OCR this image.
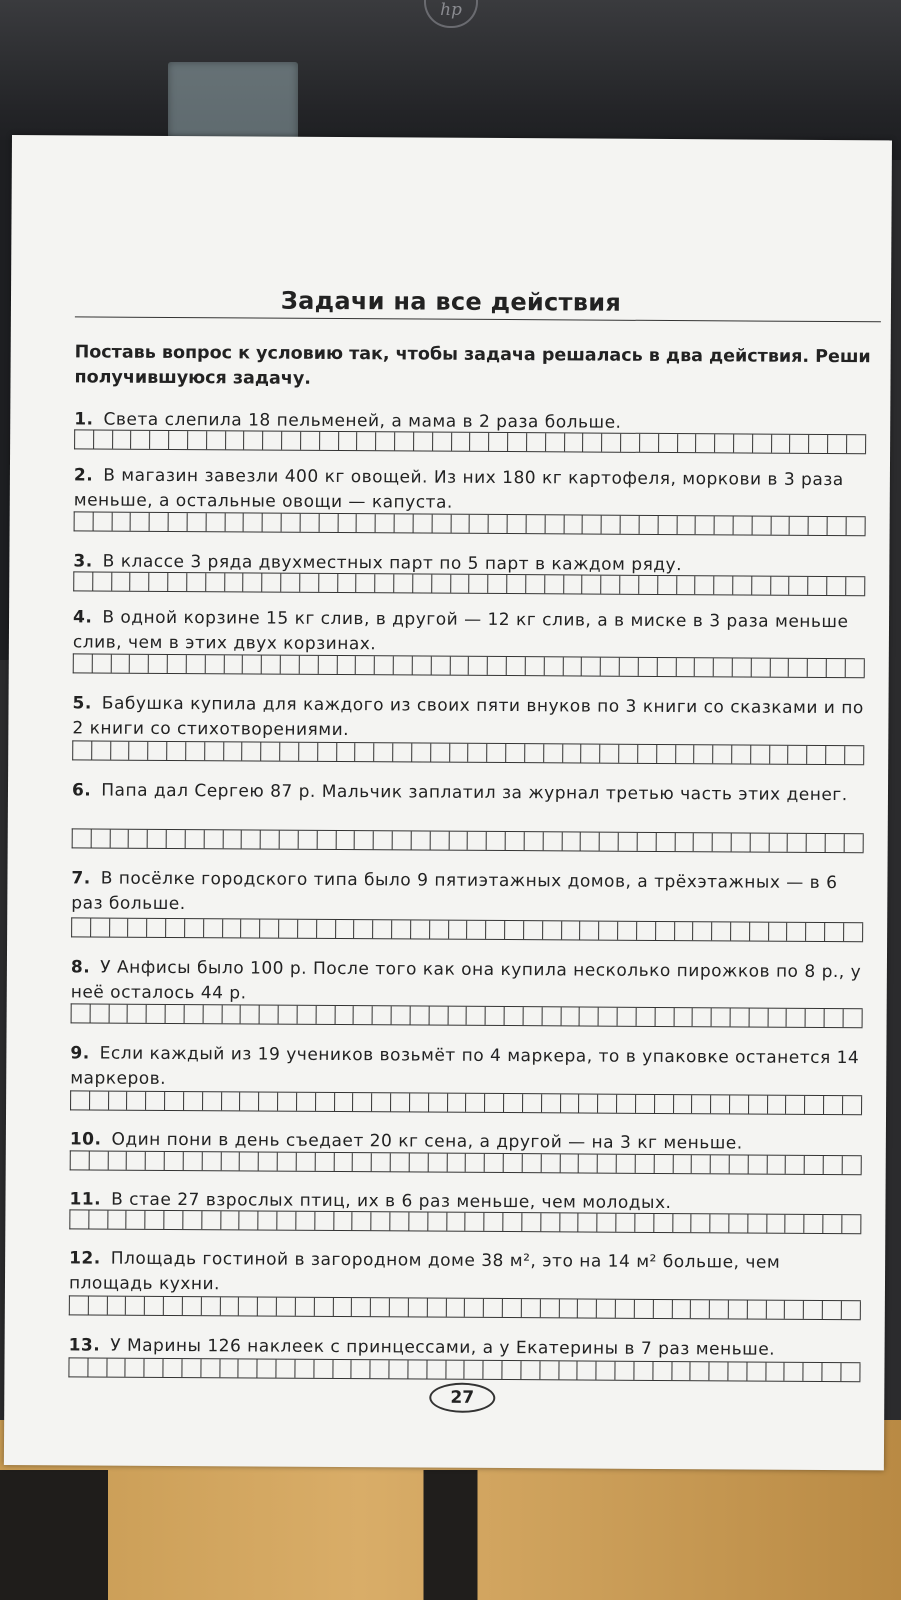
hp
Задачи на все действия
Поставь вопрос к условию так, чтобы задача решалась в два действия. Реши получившуюся задачу.
1. Света слепила 18 пельменей, а мама в 2 раза больше.
2. В магазин завезли 400 кг овощей. Из них 180 кг картофеля, моркови в 3 раза меньше, а остальные овощи — капуста.
3. В классе 3 ряда двухместных парт по 5 парт в каждом ряду.
4. В одной корзине 15 кг слив, в другой — 12 кг слив, а в миске в 3 раза меньше слив, чем в этих двух корзинах.
5. Бабушка купила для каждого из своих пяти внуков по 3 книги со сказками и по 2 книги со стихотворениями.
6. Папа дал Сергею 87 р. Мальчик заплатил за журнал третью часть этих денег.
7. В посёлке городского типа было 9 пятиэтажных домов, а трёхэтажных — в 6 раз больше.
8. У Анфисы было 100 р. После того как она купила несколько пирожков по 8 р., у неё осталось 44 р.
9. Если каждый из 19 учеников возьмёт по 4 маркера, то в упаковке останется 14 маркеров.
10. Один пони в день съедает 20 кг сена, а другой — на 3 кг меньше.
11. В стае 27 взрослых птиц, их в 6 раз меньше, чем молодых.
12. Площадь гостиной в загородном доме 38 м², это на 14 м² больше, чем площадь кухни.
13. У Марины 126 наклеек с принцессами, а у Екатерины в 7 раз меньше.
27
